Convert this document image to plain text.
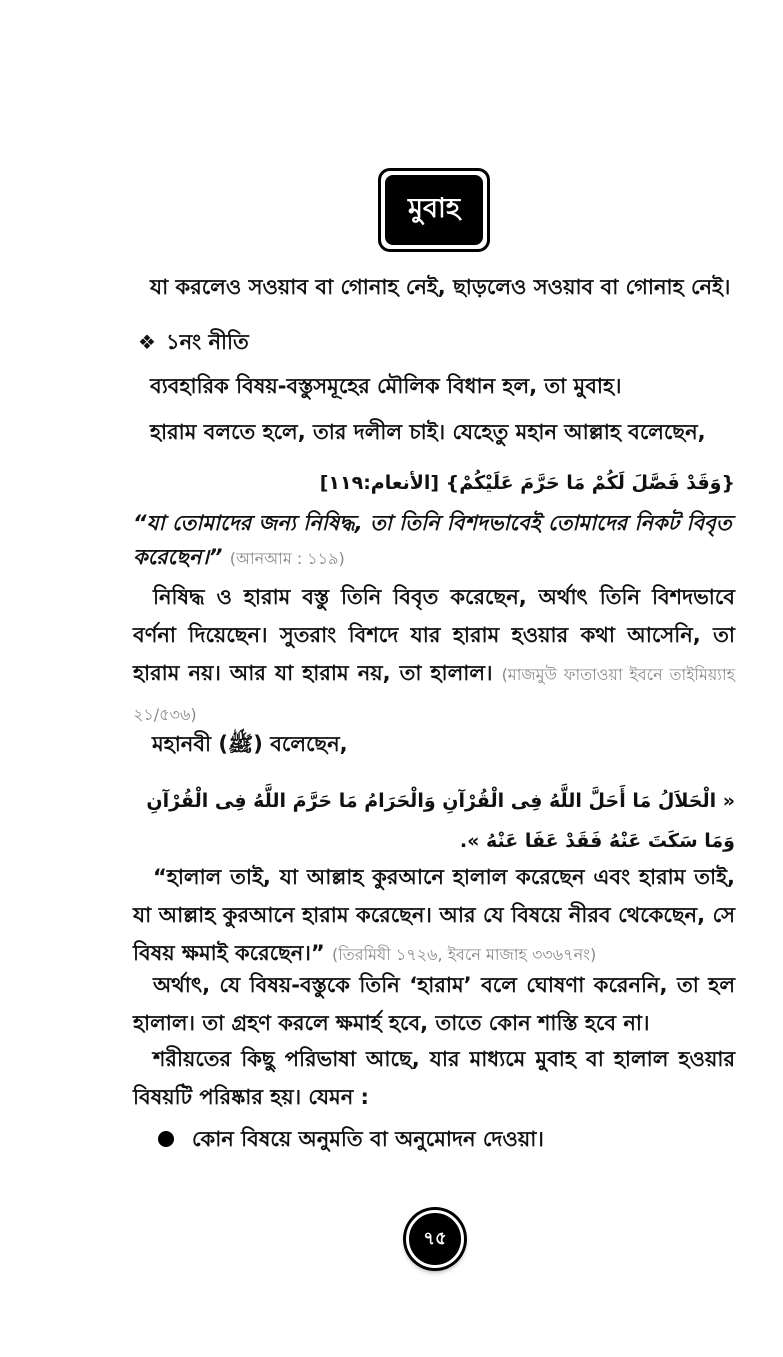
মুবাহ
যা করলেও সওয়াব বা গোনাহ নেই, ছাড়লেও সওয়াব বা গোনাহ নেই।
❖ ১নং নীতি
ব্যবহারিক বিষয়-বস্তুসমূহের মৌলিক বিধান হল, তা মুবাহ।
হারাম বলতে হলে, তার দলীল চাই। যেহেতু মহান আল্লাহ বলেছেন,
{وَقَدْ فَصَّلَ لَكُمْ مَا حَرَّمَ عَلَيْكُمْ} [الأنعام:١١٩]
“যা তোমাদের জন্য নিষিদ্ধ, তা তিনি বিশদভাবেই তোমাদের নিকট বিবৃত করেছেন।” (আনআম : ১১৯)
নিষিদ্ধ ও হারাম বস্তু তিনি বিবৃত করেছেন, অর্থাৎ তিনি বিশদভাবে বর্ণনা দিয়েছেন। সুতরাং বিশদে যার হারাম হওয়ার কথা আসেনি, তা হারাম নয়। আর যা হারাম নয়, তা হালাল। (মাজমুউ ফাতাওয়া ইবনে তাইমিয়্যাহ ২১/৫৩৬)
মহানবী (ﷺ) বলেছেন,
« الْحَلاَلُ مَا أَحَلَّ اللَّهُ فِى الْقُرْآنِ وَالْحَرَامُ مَا حَرَّمَ اللَّهُ فِى الْقُرْآنِ وَمَا سَكَتَ عَنْهُ فَقَدْ عَفَا عَنْهُ ».
“হালাল তাই, যা আল্লাহ কুরআনে হালাল করেছেন এবং হারাম তাই, যা আল্লাহ কুরআনে হারাম করেছেন। আর যে বিষয়ে নীরব থেকেছেন, সে বিষয় ক্ষমাই করেছেন।” (তিরমিযী ১৭২৬, ইবনে মাজাহ ৩৩৬৭নং)
অর্থাৎ, যে বিষয়-বস্তুকে তিনি ‘হারাম’ বলে ঘোষণা করেননি, তা হল হালাল। তা গ্রহণ করলে ক্ষমার্হ হবে, তাতে কোন শাস্তি হবে না।
শরীয়তের কিছু পরিভাষা আছে, যার মাধ্যমে মুবাহ বা হালাল হওয়ার বিষয়টি পরিষ্কার হয়। যেমন :
কোন বিষয়ে অনুমতি বা অনুমোদন দেওয়া।
৭৫
